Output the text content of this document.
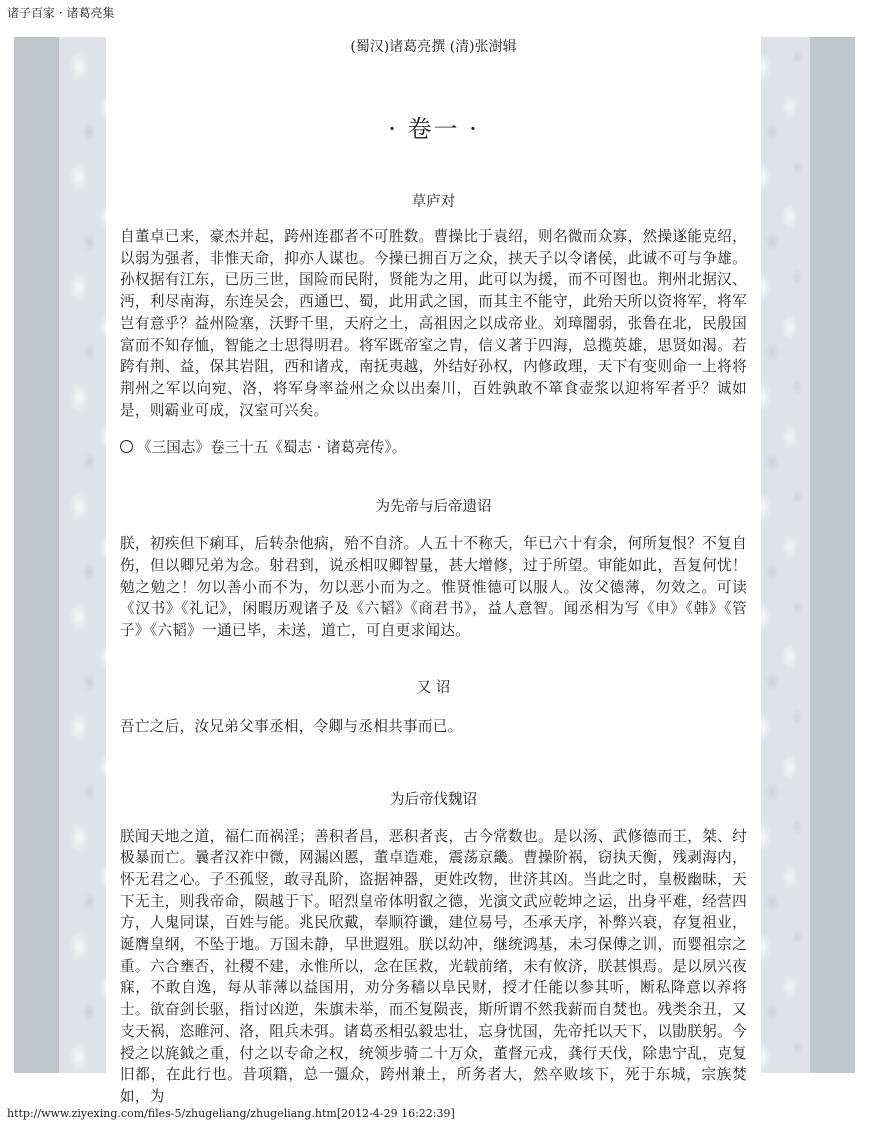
诸子百家 · 诸葛亮集
(蜀汉)诸葛亮撰 (清)张澍辑
· 卷一 ·
草庐对

自董卓已来，豪杰并起，跨州连郡者不可胜数。曹操比于袁绍，则名微而众寡，然操遂能克绍，以弱为强者，非惟天命，抑亦人谋也。今操已拥百万之众，挟天子以令诸侯，此诚不可与争雄。孙权据有江东，已历三世，国险而民附，贤能为之用，此可以为援，而不可图也。荆州北据汉、沔，利尽南海，东连吴会，西通巴、蜀，此用武之国，而其主不能守，此殆天所以资将军，将军岂有意乎？益州险塞，沃野千里，天府之土，高祖因之以成帝业。刘璋闇弱，张鲁在北，民殷国富而不知存恤，智能之士思得明君。将军既帝室之胄，信义著于四海，总揽英雄，思贤如渴。若跨有荆、益，保其岩阻，西和诸戎，南抚夷越，外结好孙权，内修政理，天下有变则命一上将将荆州之军以向宛、洛，将军身率益州之众以出秦川，百姓孰敢不箪食壶浆以迎将军者乎？诚如是，则霸业可成，汉室可兴矣。

《三国志》卷三十五《蜀志 · 诸葛亮传》。
为先帝与后帝遗诏

朕，初疾但下痢耳，后转杂他病，殆不自济。人五十不称夭，年已六十有余，何所复恨？不复自伤，但以卿兄弟为念。射君到，说丞相叹卿智量，甚大增修，过于所望。审能如此，吾复何忧！勉之勉之！勿以善小而不为，勿以恶小而为之。惟贤惟德可以服人。汝父德薄，勿效之。可读《汉书》《礼记》，闲暇历观诸子及《六韬》《商君书》，益人意智。闻丞相为写《申》《韩》《管子》《六韬》一通已毕，未送，道亡，可自更求闻达。

又 诏

吾亡之后，汝兄弟父事丞相，令卿与丞相共事而已。

为后帝伐魏诏

朕闻天地之道，福仁而祸淫；善积者昌，恶积者丧，古今常数也。是以汤、武修德而王，桀、纣极暴而亡。曩者汉祚中微，网漏凶慝，董卓造难，震荡京畿。曹操阶祸，窃执天衡，残剥海内，怀无君之心。子丕孤竖，敢寻乱阶，盗据神器，更姓改物，世济其凶。当此之时，皇极幽昧，天下无主，则我帝命，陨越于下。昭烈皇帝体明叡之德，光演文武应乾坤之运，出身平难，经营四方，人鬼同谋，百姓与能。兆民欣戴，奉顺符谶，建位易号，丕承天序，补弊兴衰，存复祖业，诞膺皇纲，不坠于地。万国未静，早世遐殂。朕以幼冲，继统鸿基，未习保傅之训，而婴祖宗之重。六合壅否，社稷不建，永惟所以，念在匡救，光载前绪，未有攸济，朕甚惧焉。是以夙兴夜寐，不敢自逸，每从菲薄以益国用，劝分务穑以阜民财，授才任能以参其听，断私降意以养将士。欲奋剑长驱，指讨凶逆，朱旗未举，而丕复陨丧，斯所谓不然我薪而自焚也。残类余丑，又支天祸，恣睢河、洛，阻兵未弭。诸葛丞相弘毅忠壮，忘身忧国，先帝托以天下，以勖朕躬。今授之以旄鉞之重，付之以专命之权，统领步骑二十万众，董督元戎，龚行天伐，除患宁乱，克复旧都，在此行也。昔项籍，总一彊众，跨州兼土，所务者大，然卒败垓下，死于东城，宗族焚如，为

http://www.ziyexing.com/files-5/zhugeliang/zhugeliang.htm[2012-4-29 16:22:39]
